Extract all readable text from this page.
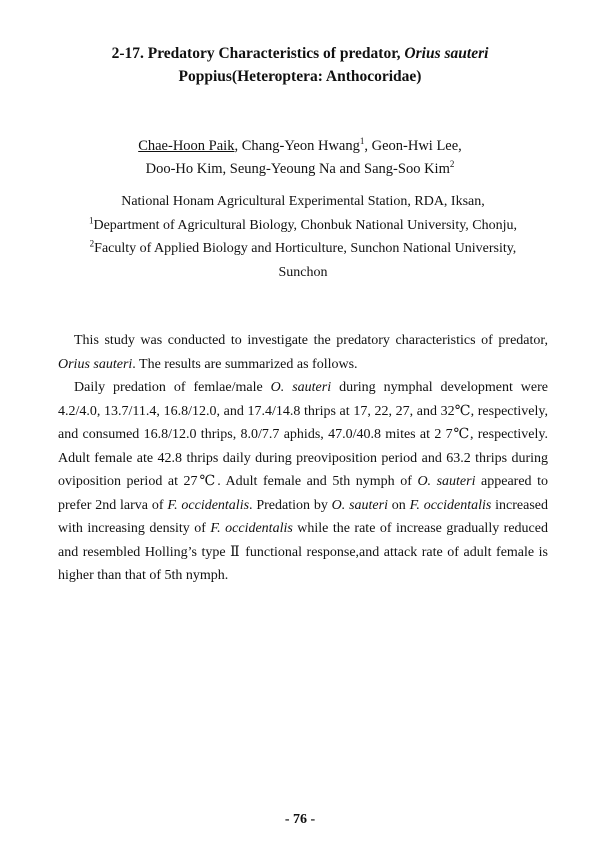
2-17. Predatory Characteristics of predator, Orius sauteri
Poppius(Heteroptera: Anthocoridae)
Chae-Hoon Paik, Chang-Yeon Hwang$^1$, Geon-Hwi Lee,
Doo-Ho Kim, Seung-Yeoung Na and Sang-Soo Kim$^2$
National Honam Agricultural Experimental Station, RDA, Iksan,
$^1$Department of Agricultural Biology, Chonbuk National University, Chonju,
$^2$Faculty of Applied Biology and Horticulture, Sunchon National University,
Sunchon

This study was conducted to investigate the predatory characteristics of predator, Orius sauteri. The results are summarized as follows.

Daily predation of femlae/male O. sauteri during nymphal development were 4.2/4.0, 13.7/11.4, 16.8/12.0, and 17.4/14.8 thrips at 17, 22, 27, and 32℃, respectively, and consumed 16.8/12.0 thrips, 8.0/7.7 aphids, 47.0/40.8 mites at 2 7℃, respectively. Adult female ate 42.8 thrips daily during preoviposition period and 63.2 thrips during oviposition period at 27℃. Adult female and 5th nymph of O. sauteri appeared to prefer 2nd larva of F. occidentalis. Predation by O. sauteri on F. occidentalis increased with increasing density of F. occidentalis while the rate of increase gradually reduced and resembled Holling’s type Ⅱ functional response,and attack rate of adult female is higher than that of 5th nymph.

- 76 -
